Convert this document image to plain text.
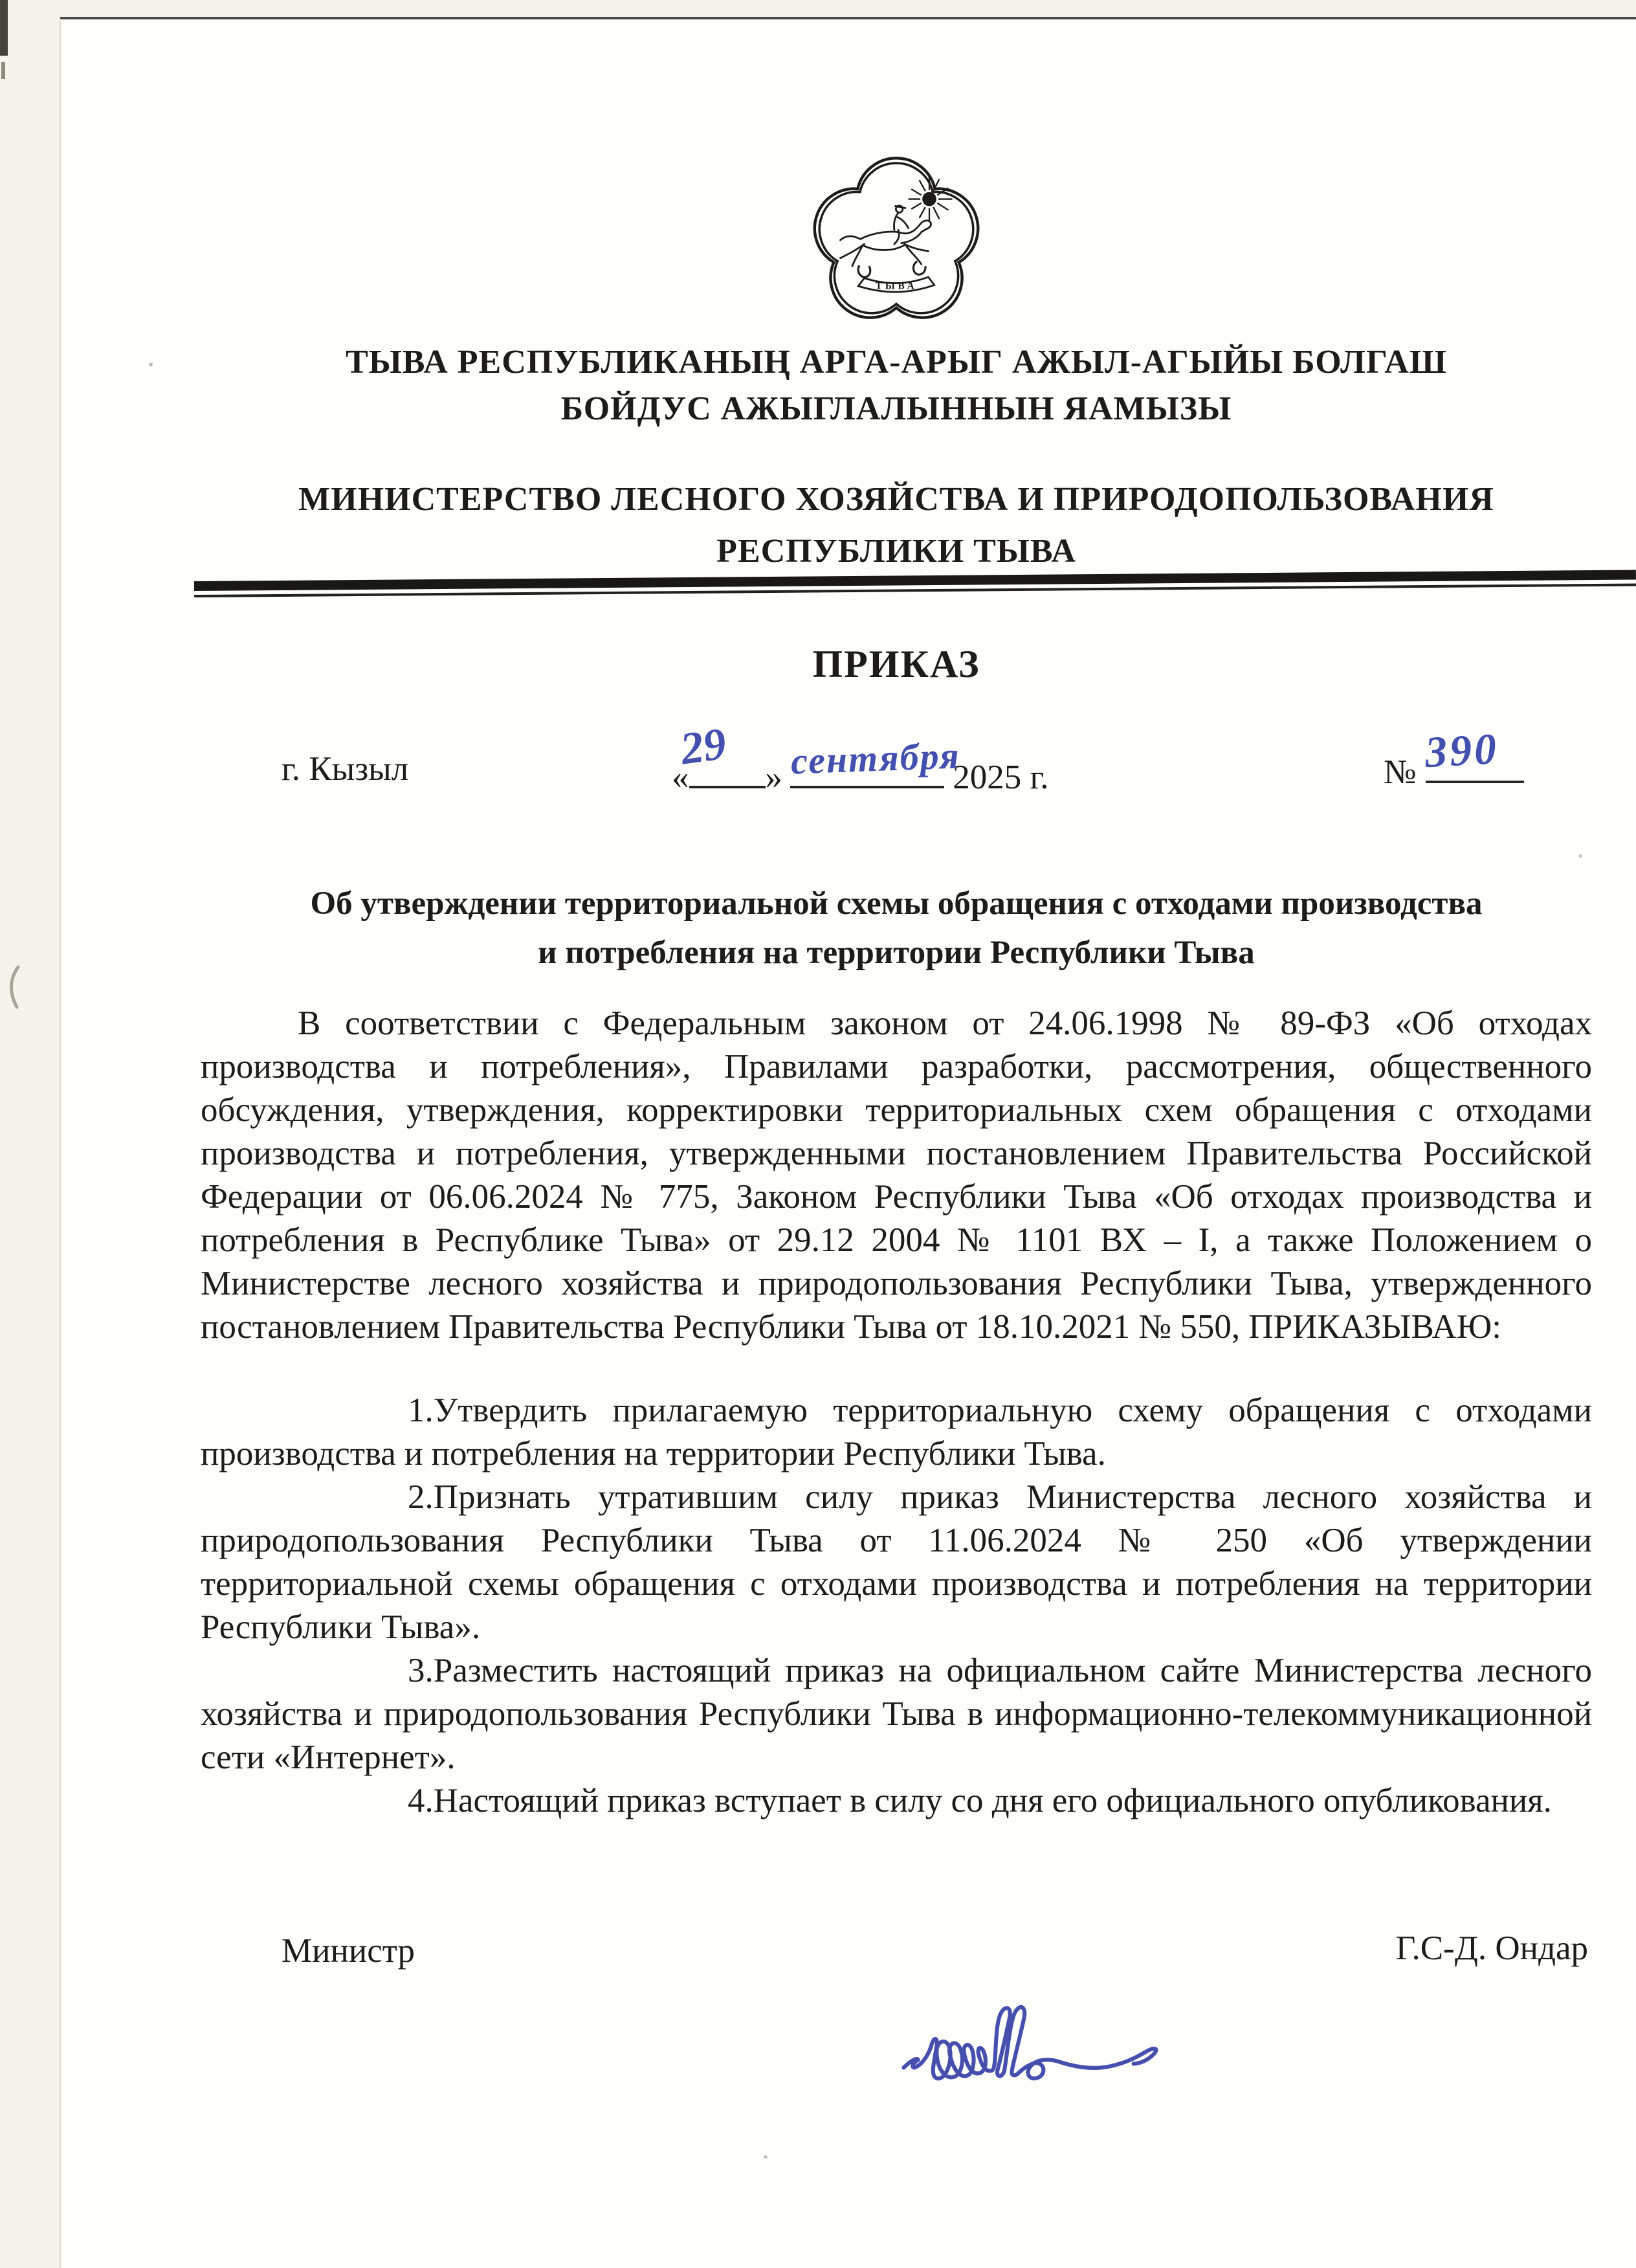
ТЫВА
ТЫВА РЕСПУБЛИКАНЫҢ АРГА-АРЫГ АЖЫЛ-АГЫЙЫ БОЛГАШ
БОЙДУС АЖЫГЛАЛЫННЫН ЯАМЫЗЫ
МИНИСТЕРСТВО ЛЕСНОГО ХОЗЯЙСТВА И ПРИРОДОПОЛЬЗОВАНИЯ
РЕСПУБЛИКИ ТЫВА
ПРИКАЗ
г. Кызыл	« »	2025 г.	№
29 сентября	390
Об утверждении территориальной схемы обращения с отходами производства
и потребления на территории Республики Тыва

В соответствии с Федеральным законом от 24.06.1998 № 89-ФЗ «Об отходах производства и потребления», Правилами разработки, рассмотрения, общественного обсуждения, утверждения, корректировки территориальных схем обращения с отходами производства и потребления, утвержденными постановлением Правительства Российской Федерации от 06.06.2024 № 775, Законом Республики Тыва «Об отходах производства и потребления в Республике Тыва» от 29.12 2004 № 1101 ВХ – I, а также Положением о Министерстве лесного хозяйства и природопользования Республики Тыва, утвержденного постановлением Правительства Республики Тыва от 18.10.2021 № 550, ПРИКАЗЫВАЮ:

1.Утвердить прилагаемую территориальную схему обращения с отходами производства и потребления на территории Республики Тыва.

2.Признать утратившим силу приказ Министерства лесного хозяйства и природопользования Республики Тыва от 11.06.2024 № 250 «Об утверждении территориальной схемы обращения с отходами производства и потребления на территории Республики Тыва».

3.Разместить настоящий приказ на официальном сайте Министерства лесного хозяйства и природопользования Республики Тыва в информационно-телекоммуникационной сети «Интернет».

4.Настоящий приказ вступает в силу со дня его официального опубликования.

Министр	Г.С-Д. Ондар
